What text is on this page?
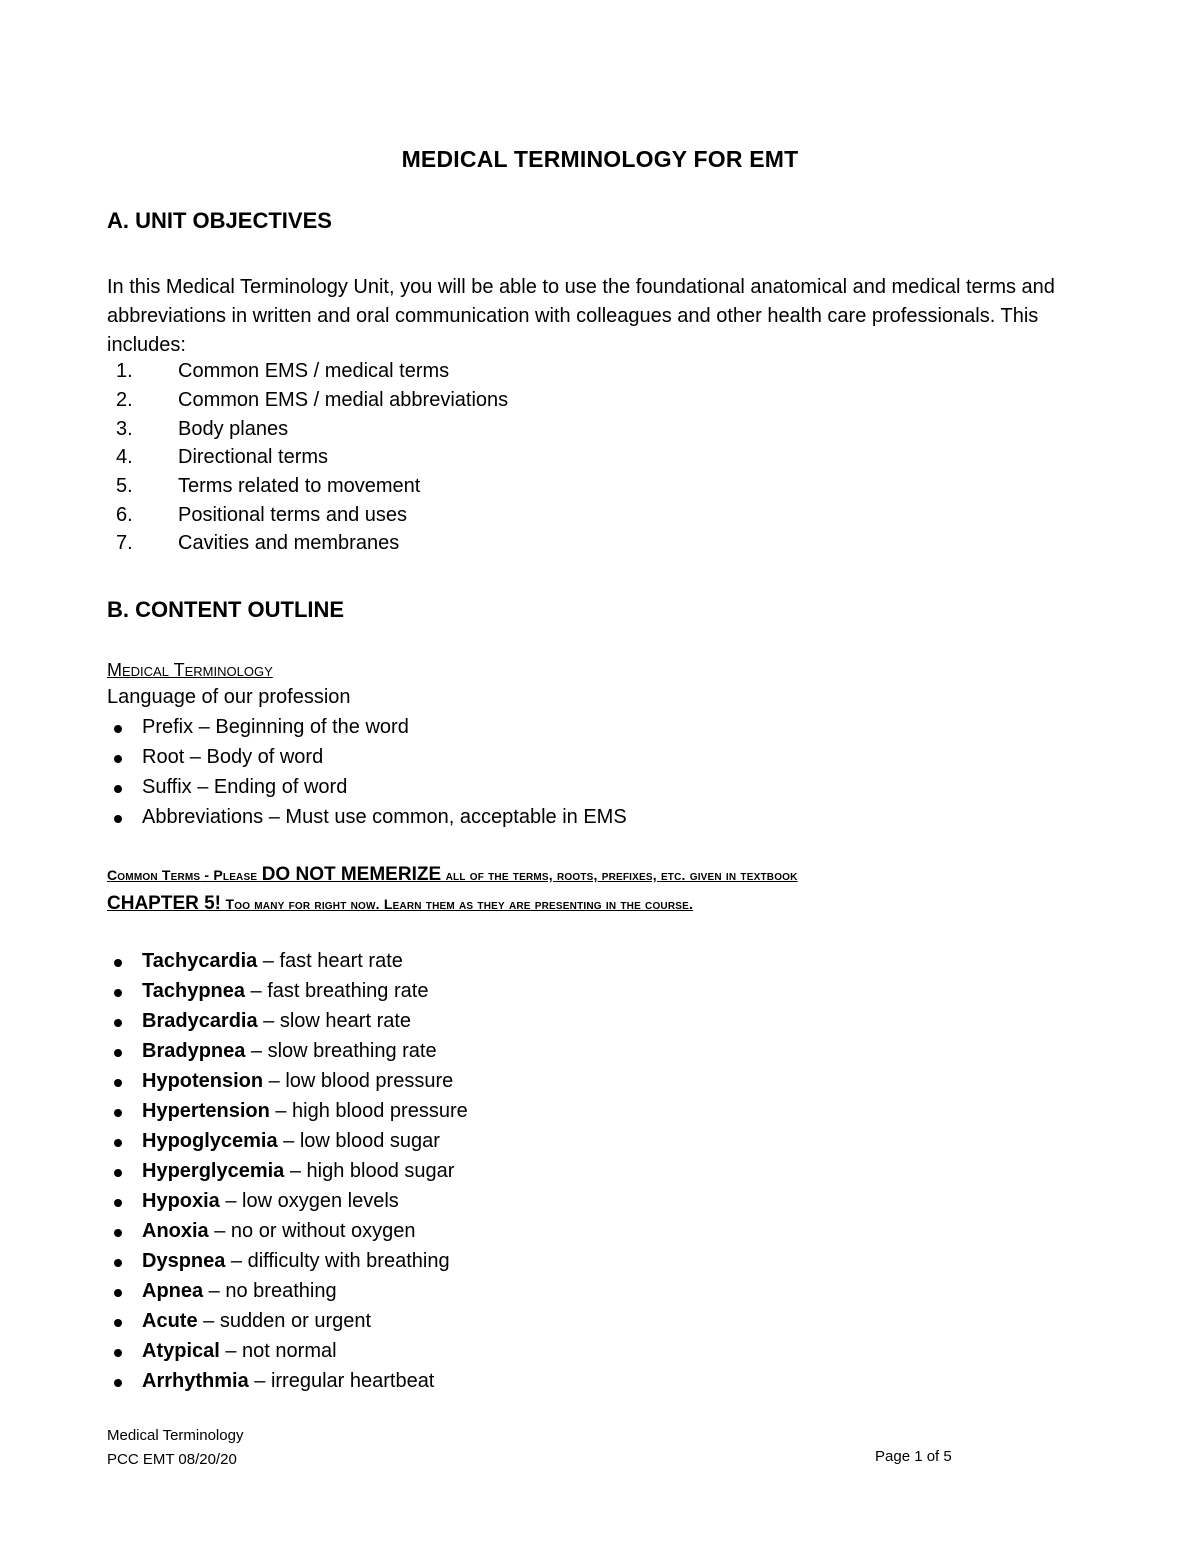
MEDICAL TERMINOLOGY FOR EMT
A. UNIT OBJECTIVES
In this Medical Terminology Unit, you will be able to use the foundational anatomical and medical terms and abbreviations in written and oral communication with colleagues and other health care professionals. This includes:
1. Common EMS / medical terms
2. Common EMS / medial abbreviations
3. Body planes
4. Directional terms
5. Terms related to movement
6. Positional terms and uses
7. Cavities and membranes
B. CONTENT OUTLINE
Medical Terminology
Language of our profession
Prefix – Beginning of the word
Root – Body of word
Suffix – Ending of word
Abbreviations – Must use common, acceptable in EMS
Common Terms - Please DO NOT MEMERIZE all of the terms, roots, prefixes, etc. given in textbook
CHAPTER 5! Too many for right now. Learn them as they are presenting in the course.
Tachycardia – fast heart rate
Tachypnea – fast breathing rate
Bradycardia – slow heart rate
Bradypnea – slow breathing rate
Hypotension – low blood pressure
Hypertension – high blood pressure
Hypoglycemia – low blood sugar
Hyperglycemia – high blood sugar
Hypoxia – low oxygen levels
Anoxia – no or without oxygen
Dyspnea – difficulty with breathing
Apnea – no breathing
Acute – sudden or urgent
Atypical – not normal
Arrhythmia – irregular heartbeat
Medical Terminology
PCC EMT 08/20/20	Page 1 of 5
